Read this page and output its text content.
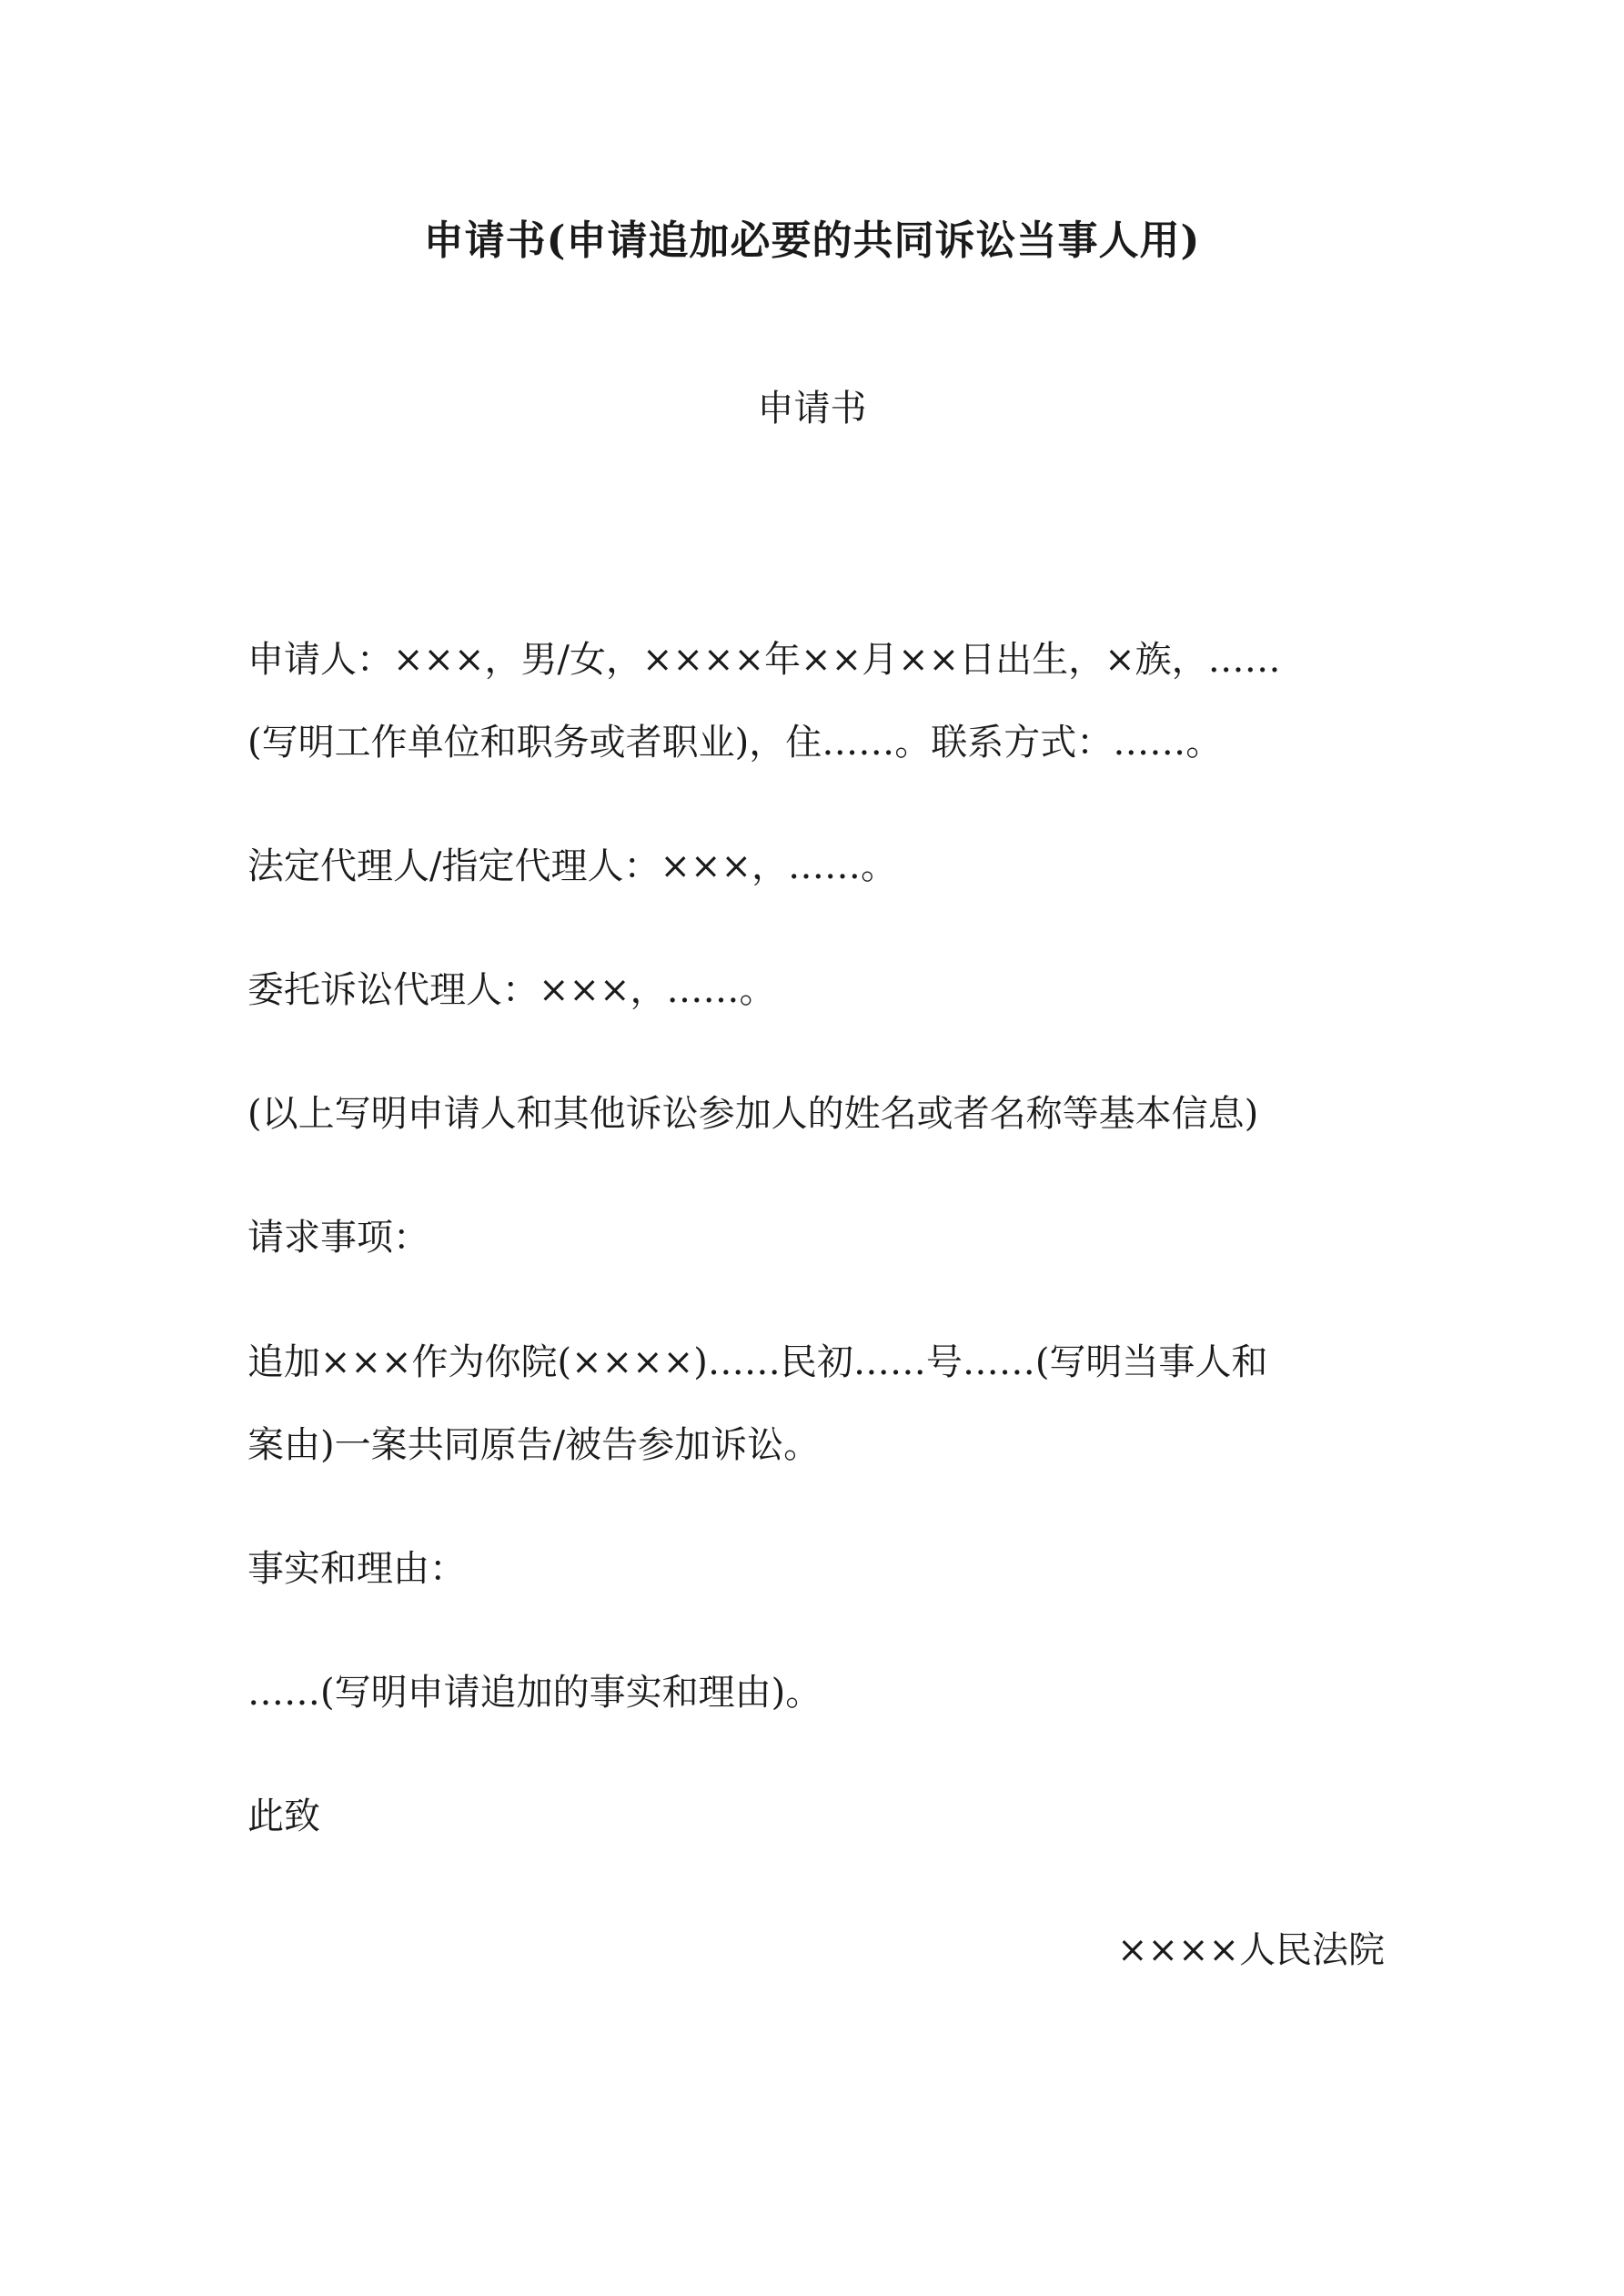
申请书(申请追加必要的共同诉讼当事人用)
申请书

申请人：×××，男/女，××××年××月××日出生，×族，……

(写明工作单位和职务或者职业)，住……。联系方式：……。

法定代理人/指定代理人：×××，……。

委托诉讼代理人：×××，……。

(以上写明申请人和其他诉讼参加人的姓名或者名称等基本信息)

请求事项：

追加×××作为你院(××××)……民初……号……(写明当事人和

案由)一案共同原告/被告参加诉讼。

事实和理由：

……(写明申请追加的事实和理由)。

此致

××××人民法院
